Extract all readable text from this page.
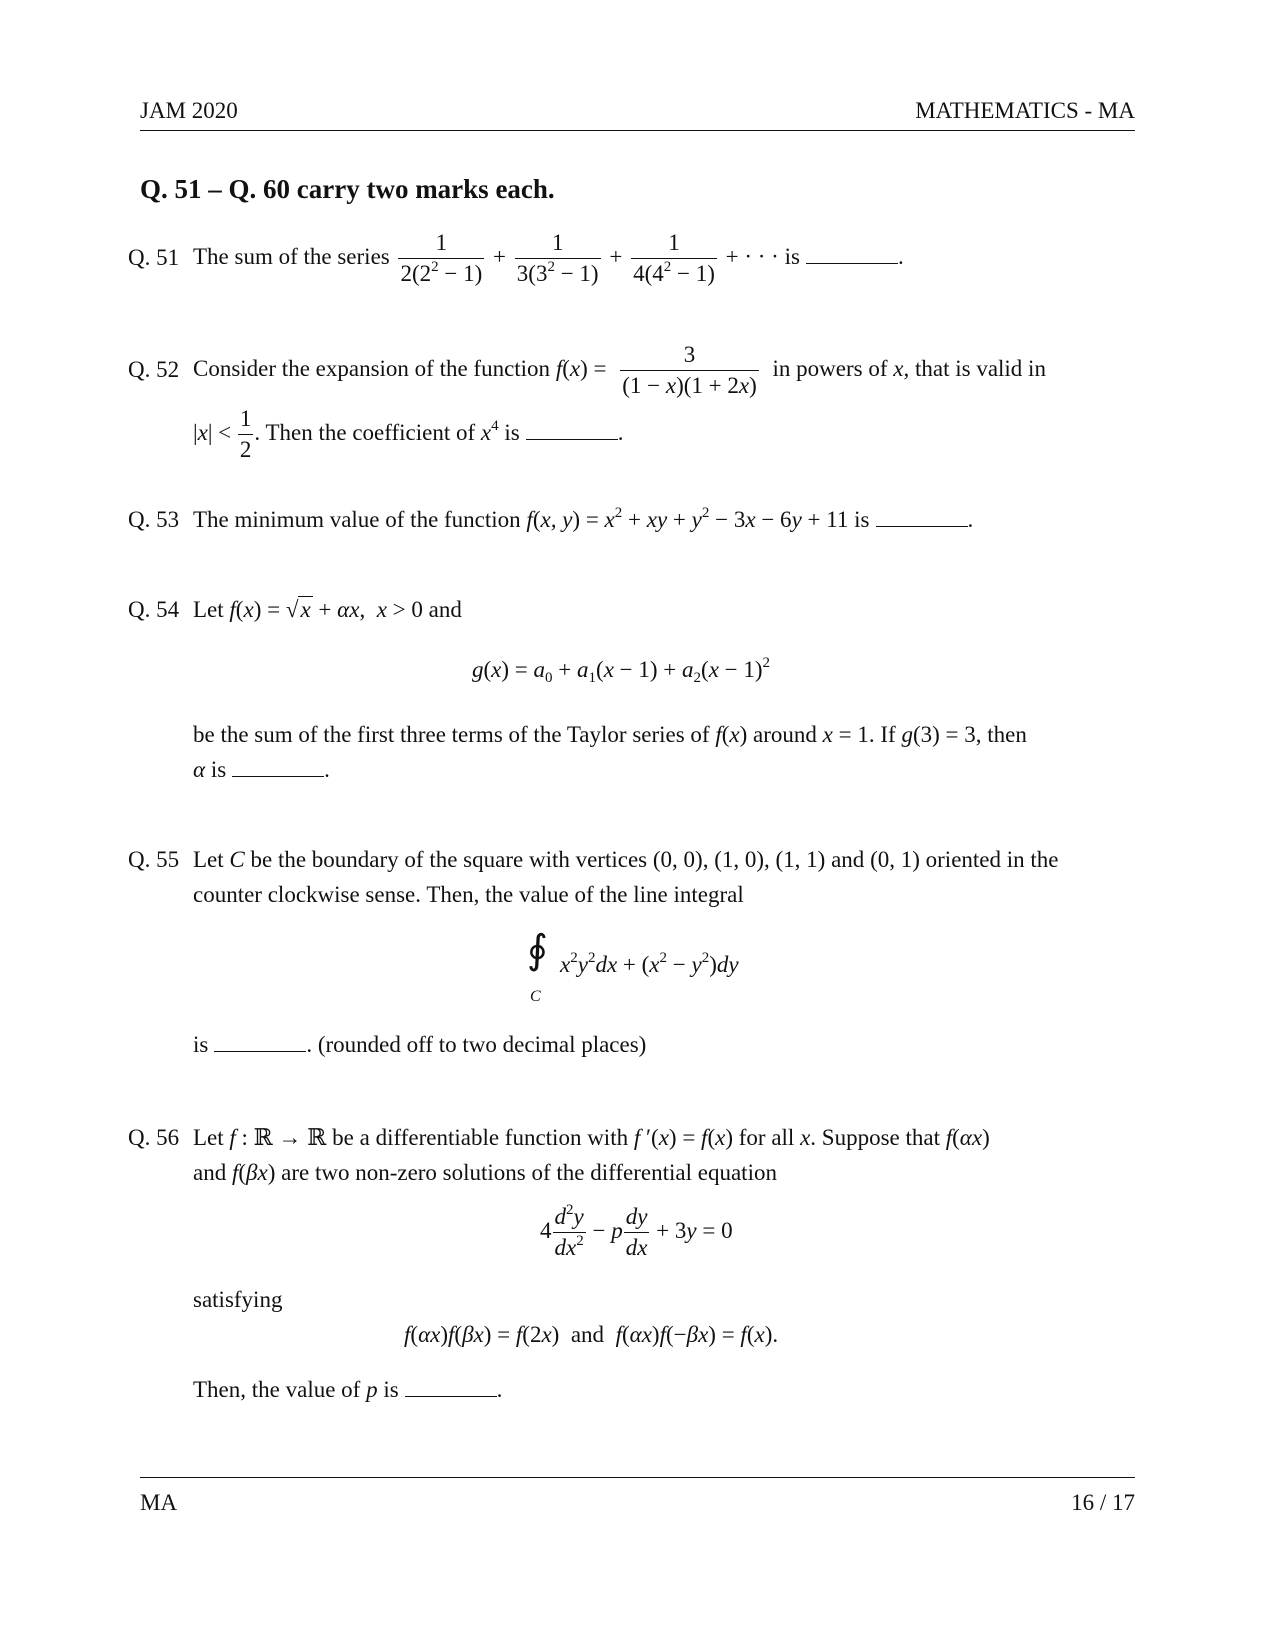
JAM 2020	MATHEMATICS - MA
Q. 51 – Q. 60 carry two marks each.
Q. 51 The sum of the series $\frac{1}{2(2^2 - 1)} + \frac{1}{3(3^2 - 1)} + \frac{1}{4(4^2 - 1)}$ + · · · is	.
Q. 52 Consider the expansion of the function $f(x) = \frac{3}{(1 - x)(1 + 2x)}$ in powers of x, that is valid in
$|x| < \frac{1}{2}$ . Then the coefficient of $x^4$ is	.
Q. 53 The minimum value of the function f(x, $y) = x^2$ + xy + $y^2 - 3x - 6y + 11$ is	.
Q. 54 Let f(x) = √x + αx,  x > 0 and
$g(x) = a_0 + a_1(x - 1) + a_2(x - 1)^2$
be the sum of the first three terms of the Taylor series of f(x) around x = 1. If g(3) = 3, then
α is	.
Q. 55 Let C be the boundary of the square with vertices (0, 0), (1, 0), (1, 1) and (0, 1) oriented in the
counter clockwise sense. Then, the value of the line integral
∮
C
$x^2y^2dx + (x^2 - y^2)dy$
is	. (rounded off to two decimal places)
Q. 56 Let f : ℝ → ℝ be a differentiable function with f ′(x) = f(x) for all x. Suppose that f(αx)
and f(βx) are two non-zero solutions of the differential equation
$4 \frac{d^2y}{dx^2} - p \frac{dy}{dx} + 3y = 0$
satisfying
f(αx)f(βx) = f(2x)  and f(αx)f(−βx) = f(x).
Then, the value of p is	.
MA	16 / 17
